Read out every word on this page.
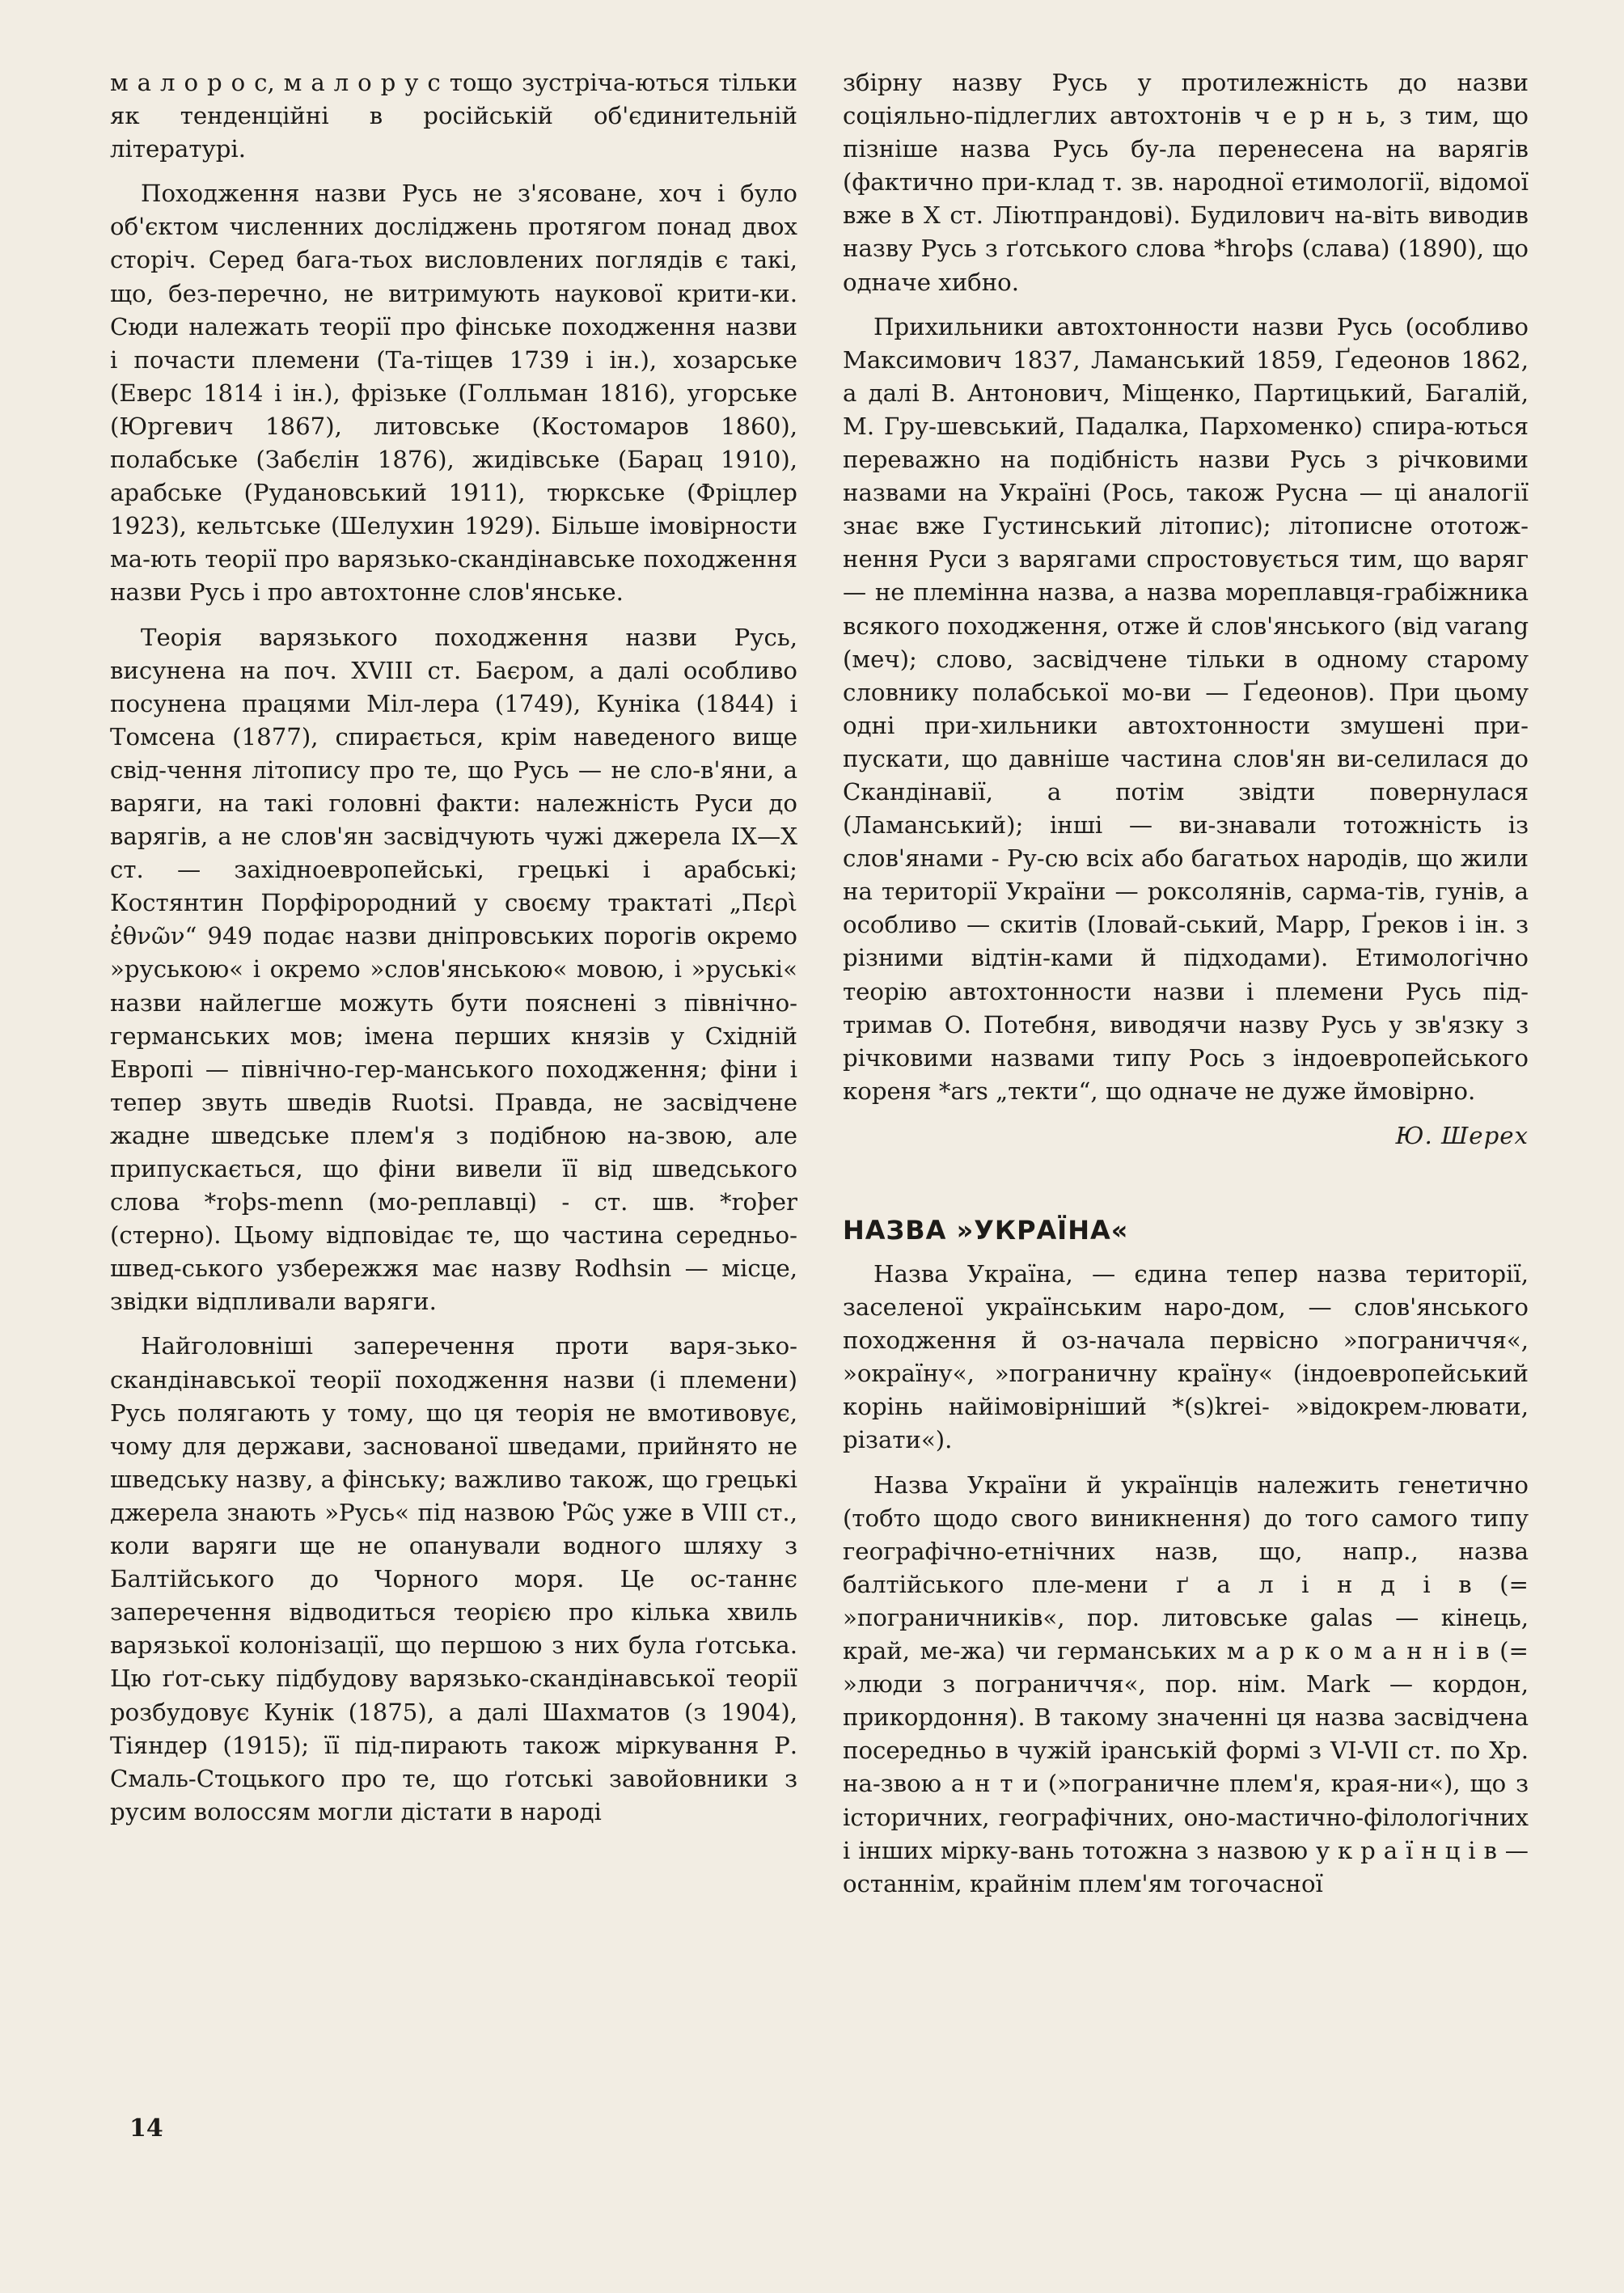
м а л о р о с, м а л о р у с тощо зустріча-ються тільки як тенденційні в російській об'єдинительній літературі.

Походження назви Русь не з'ясоване, хоч і було об'єктом численних досліджень протягом понад двох сторіч. Серед бага-тьох висловлених поглядів є такі, що, без-перечно, не витримують наукової крити-ки. Сюди належать теорії про фінське походження назви і почасти племени (Та-тіщев 1739 і ін.), хозарське (Еверс 1814 і ін.), фрізьке (Голльман 1816), угорське (Юргевич 1867), литовське (Костомаров 1860), полабське (Забєлін 1876), жидівське (Барац 1910), арабське (Рудановський 1911), тюркське (Фріцлер 1923), кельтське (Шелухин 1929). Більше імовірности ма-ють теорії про варязько-скандінавське походження назви Русь і про автохтонне слов'янське.

Теорія варязького походження назви Русь, висунена на поч. XVIII ст. Баєром, а далі особливо посунена працями Міл-лера (1749), Куніка (1844) і Томсена (1877), спирається, крім наведеного вище свід-чення літопису про те, що Русь — не сло-в'яни, а варяги, на такі головні факти: належність Руси до варягів, а не слов'ян засвідчують чужі джерела IX—X ст. — західноевропейські, грецькі і арабські; Костянтин Порфірородний у своєму трактаті „Περὶ ἐθνῶν“ 949 подає назви дніпровських порогів окремо »руською« і окремо »слов'янською« мовою, і »руські« назви найлегше можуть бути пояснені з північно-германських мов; імена перших князів у Східній Европі — північно-гер-манського походження; фіни і тепер звуть шведів Ruotsi. Правда, не засвідчене жадне шведське плем'я з подібною на-звою, але припускається, що фіни вивели її від шведського слова *roþs-menn (мо-реплавці) - ст. шв. *roþer (стерно). Цьому відповідає те, що частина середньо-швед-ського узбережжя має назву Rodhsin — місце, звідки відпливали варяги.

Найголовніші заперечення проти варя-зько-скандінавської теорії походження назви (і племени) Русь полягають у тому, що ця теорія не вмотивовує, чому для держави, заснованої шведами, прийнято не шведську назву, а фінську; важливо також, що грецькі джерела знають »Русь« під назвою Ῥῶς уже в VIII ст., коли варяги ще не опанували водного шляху з Балтійського до Чорного моря. Це ос-таннє заперечення відводиться теорією про кілька хвиль варязької колонізації, що першою з них була ґотська. Цю ґот-ську підбудову варязько-скандінавської теорії розбудовує Кунік (1875), а далі Шахматов (з 1904), Тіяндер (1915); її під-пирають також міркування Р. Смаль-Стоцького про те, що ґотські завойовники з русим волоссям могли дістати в народі

збірну назву Русь у протилежність до назви соціяльно-підлеглих автохтонів ч е р н ь, з тим, що пізніше назва Русь бу-ла перенесена на варягів (фактично при-клад т. зв. народної етимології, відомої вже в X ст. Ліютпрандові). Будилович на-віть виводив назву Русь з ґотського слова *hroþs (слава) (1890), що одначе хибно.

Прихильники автохтонности назви Русь (особливо Максимович 1837, Ламанський 1859, Ґедеонов 1862, а далі В. Антонович, Міщенко, Партицький, Багалій, М. Гру-шевський, Падалка, Пархоменко) спира-ються переважно на подібність назви Русь з річковими назвами на Україні (Рось, також Русна — ці аналогії знає вже Густинський літопис); літописне ототож-нення Руси з варягами спростовується тим, що варяг — не племінна назва, а назва мореплавця-грабіжника всякого походження, отже й слов'янського (від varang (меч); слово, засвідчене тільки в одному старому словнику полабської мо-ви — Ґедеонов). При цьому одні при-хильники автохтонности змушені при-пускати, що давніше частина слов'ян ви-селилася до Скандінавії, а потім звідти повернулася (Ламанський); інші — ви-знавали тотожність із слов'янами - Ру-сю всіх або багатьох народів, що жили на території України — роксолянів, сарма-тів, гунів, а особливо — скитів (Іловай-ський, Марр, Ґреков і ін. з різними відтін-ками й підходами). Етимологічно теорію автохтонности назви і племени Русь під-тримав О. Потебня, виводячи назву Русь у зв'язку з річковими назвами типу Рось з індоевропейського кореня *ars „текти“, що одначе не дуже ймовірно.

Ю. Шерех

НАЗВА »УКРАЇНА«

Назва Україна, — єдина тепер назва території, заселеної українським наро-дом, — слов'янського походження й оз-начала первісно »пограниччя«, »окраїну«, »пограничну країну« (індоевропейський корінь найімовірніший *(s)krei- »відокрем-лювати, різати«).

Назва України й українців належить генетично (тобто щодо свого виникнення) до того самого типу географічно-етнічних назв, що, напр., назва балтійського пле-мени ґ а л і н д і в (= »пограничників«, пор. литовське galas — кінець, край, ме-жа) чи германських м а р к о м а н н і в (= »люди з пограниччя«, пор. нім. Mark — кордон, прикордоння). В такому значенні ця назва засвідчена посередньо в чужій іранській формі з VI-VII ст. по Хр. на-звою а н т и (»пограничне плем'я, края-ни«), що з історичних, географічних, оно-мастично-філологічних і інших мірку-вань тотожна з назвою у к р а ї н ц і в — останнім, крайнім плем'ям тогочасної

14
